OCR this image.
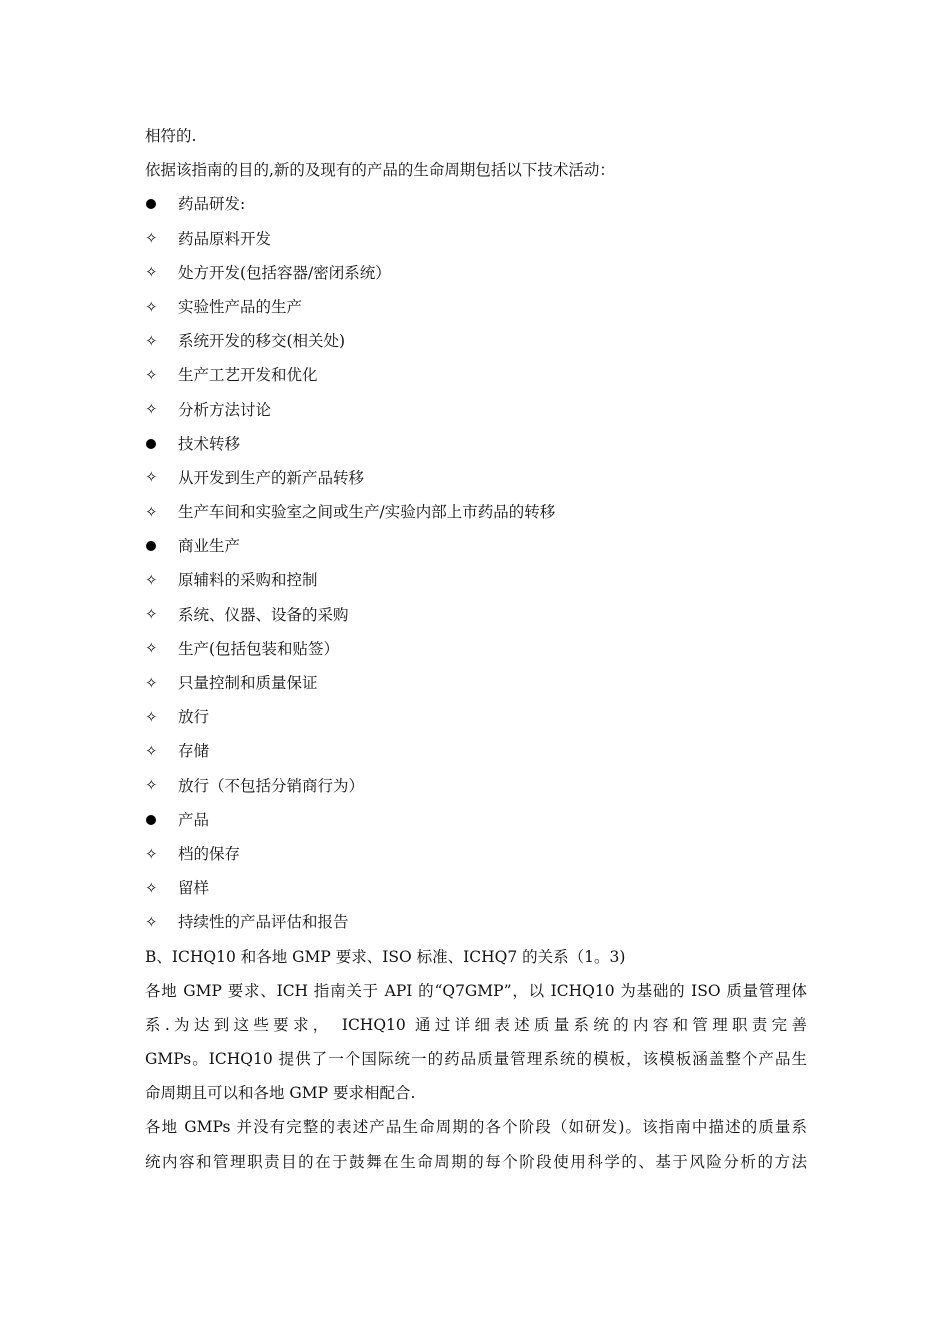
相符的.
依据该指南的目的,新的及现有的产品的生命周期包括以下技术活动：
药品研发:
✧ 药品原料开发
✧ 处方开发(包括容器/密闭系统）
✧ 实验性产品的生产
✧ 系统开发的移交(相关处)
✧ 生产工艺开发和优化
✧ 分析方法讨论
技术转移
✧ 从开发到生产的新产品转移
✧ 生产车间和实验室之间或生产/实验内部上市药品的转移
商业生产
✧ 原辅料的采购和控制
✧ 系统、仪器、设备的采购
✧ 生产(包括包装和贴签）
✧ 只量控制和质量保证
✧ 放行
✧ 存储
✧ 放行（不包括分销商行为）
产品
✧ 档的保存
✧ 留样
✧ 持续性的产品评估和报告
B、ICHQ10 和各地 GMP 要求、ISO 标准、ICHQ7 的关系（1。3)
各地 GMP 要求、ICH 指南关于 API 的“Q7GMP”，以 ICHQ10 为基础的 ISO 质量管理体
系.为达到这些要求， ICHQ10 通过详细表述质量系统的内容和管理职责完善
GMPs。ICHQ10 提供了一个国际统一的药品质量管理系统的模板，该模板涵盖整个产品生
命周期且可以和各地 GMP 要求相配合.
各地 GMPs 并没有完整的表述产品生命周期的各个阶段（如研发)。该指南中描述的质量系
统内容和管理职责目的在于鼓舞在生命周期的每个阶段使用科学的、基于风险分析的方法
